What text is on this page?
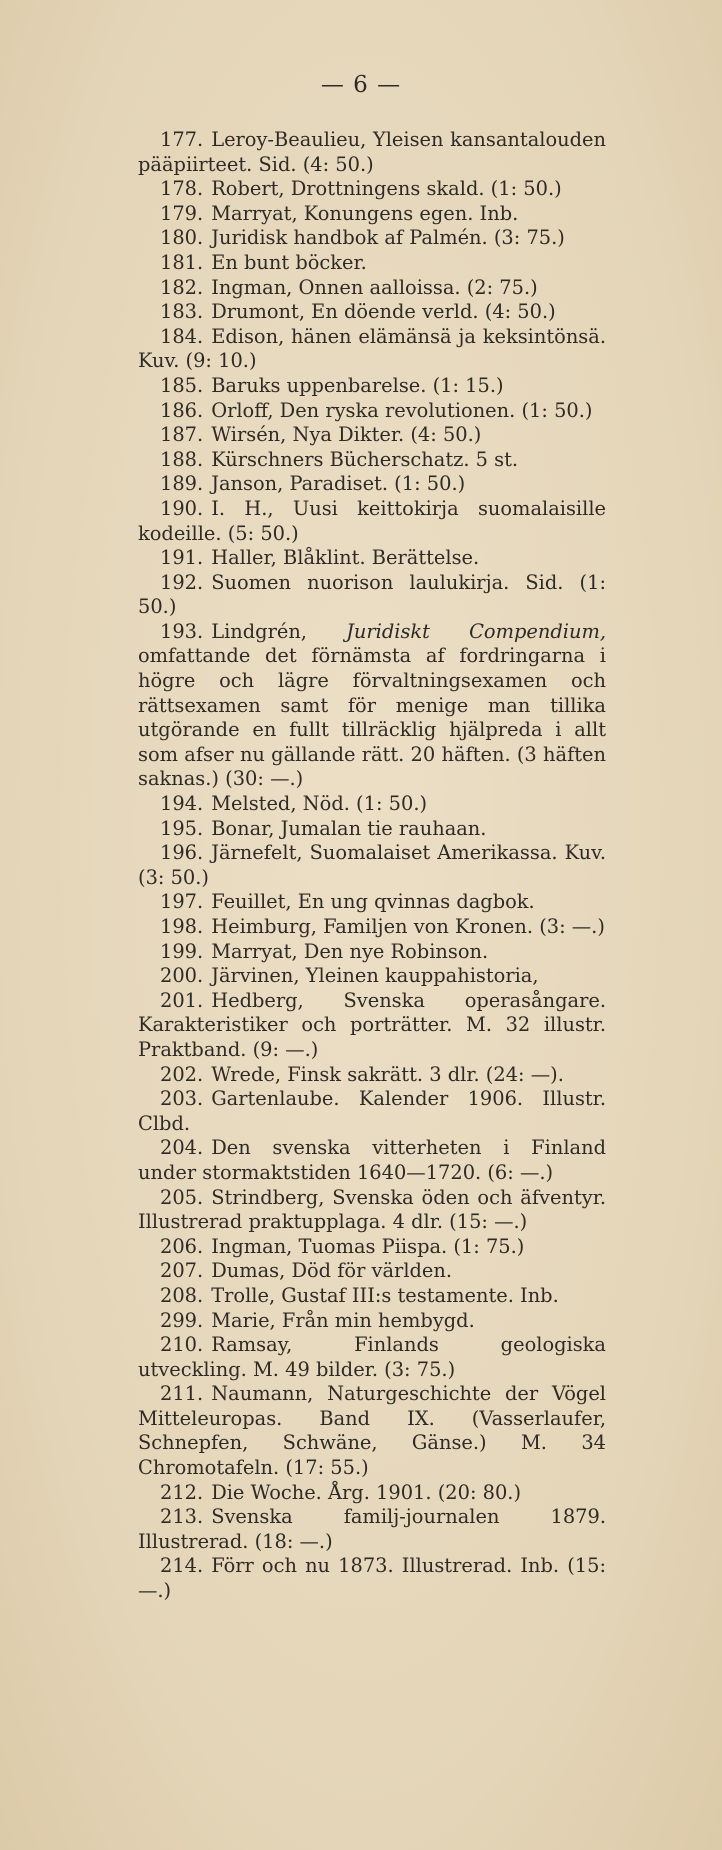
— 6 —
177. Leroy-Beaulieu, Yleisen kansantalouden pääpiirteet. Sid. (4: 50.)
178. Robert, Drottningens skald. (1: 50.)
179. Marryat, Konungens egen. Inb.
180. Juridisk handbok af Palmén. (3: 75.)
181. En bunt böcker.
182. Ingman, Onnen aalloissa. (2: 75.)
183. Drumont, En döende verld. (4: 50.)
184. Edison, hänen elämänsä ja keksintönsä. Kuv. (9: 10.)
185. Baruks uppenbarelse. (1: 15.)
186. Orloff, Den ryska revolutionen. (1: 50.)
187. Wirsén, Nya Dikter. (4: 50.)
188. Kürschners Bücherschatz. 5 st.
189. Janson, Paradiset. (1: 50.)
190. I. H., Uusi keittokirja suomalaisille kodeille. (5: 50.)
191. Haller, Blåklint. Berättelse.
192. Suomen nuorison laulukirja. Sid. (1: 50.)
193. Lindgrén, Juridiskt Compendium, omfattande det förnämsta af fordringarna i högre och lägre förvaltningsexamen och rättsexamen samt för menige man tillika utgörande en fullt tillräcklig hjälpreda i allt som afser nu gällande rätt. 20 häften. (3 häften saknas.) (30: —.)
194. Melsted, Nöd. (1: 50.)
195. Bonar, Jumalan tie rauhaan.
196. Järnefelt, Suomalaiset Amerikassa. Kuv. (3: 50.)
197. Feuillet, En ung qvinnas dagbok.
198. Heimburg, Familjen von Kronen. (3: —.)
199. Marryat, Den nye Robinson.
200. Järvinen, Yleinen kauppahistoria,
201. Hedberg, Svenska operasångare. Karakteristiker och porträtter. M. 32 illustr. Praktband. (9: —.)
202. Wrede, Finsk sakrätt. 3 dlr. (24: —).
203. Gartenlaube. Kalender 1906. Illustr. Clbd.
204. Den svenska vitterheten i Finland under stormaktstiden 1640—1720. (6: —.)
205. Strindberg, Svenska öden och äfventyr. Illustrerad praktupplaga. 4 dlr. (15: —.)
206. Ingman, Tuomas Piispa. (1: 75.)
207. Dumas, Död för världen.
208. Trolle, Gustaf III:s testamente. Inb.
299. Marie, Från min hembygd.
210. Ramsay, Finlands geologiska utveckling. M. 49 bilder. (3: 75.)
211. Naumann, Naturgeschichte der Vögel Mitteleuropas. Band IX. (Vasserlaufer, Schnepfen, Schwäne, Gänse.) M. 34 Chromotafeln. (17: 55.)
212. Die Woche. Årg. 1901. (20: 80.)
213. Svenska familj-journalen 1879. Illustrerad. (18: —.)
214. Förr och nu 1873. Illustrerad. Inb. (15: —.)
